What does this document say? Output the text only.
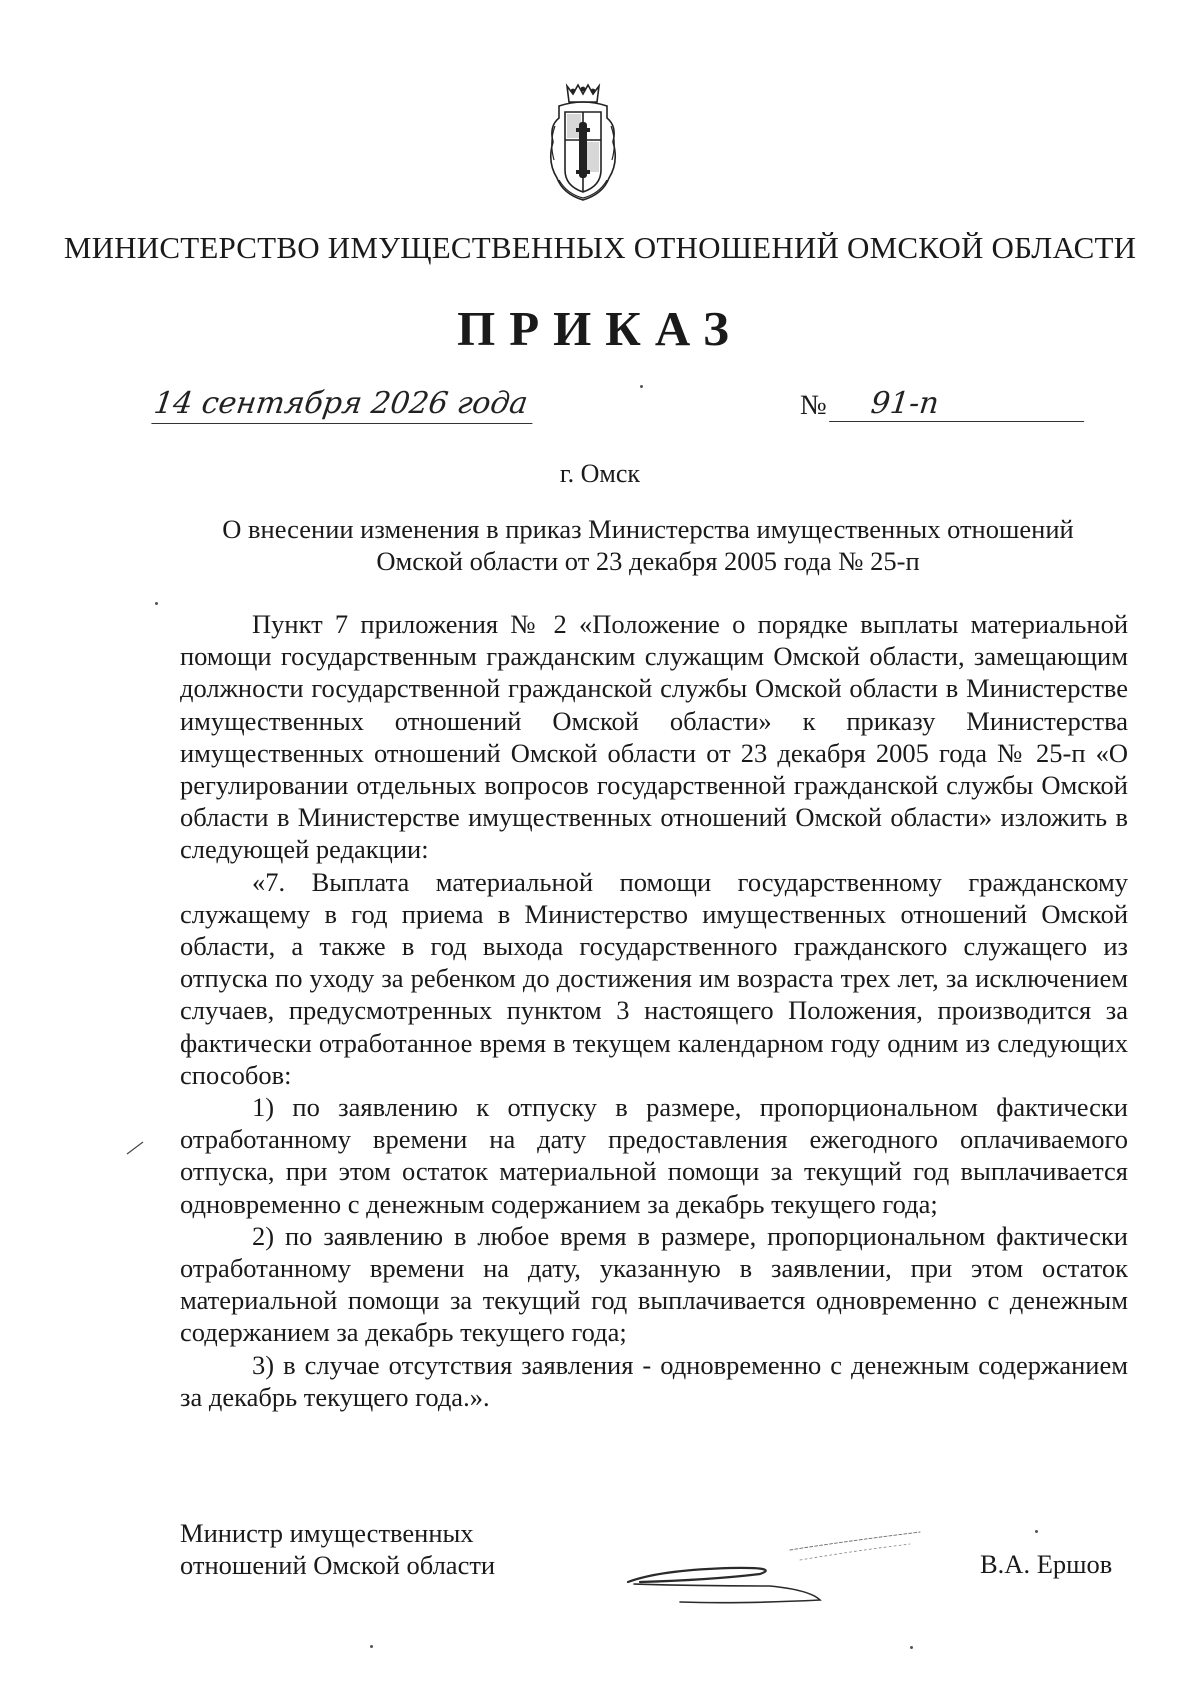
МИНИСТЕРСТВО ИМУЩЕСТВЕННЫХ ОТНОШЕНИЙ ОМСКОЙ ОБЛАСТИ
ПРИКАЗ
14 сентября 2026 года	№ 91-п
г. Омск
О внесении изменения в приказ Министерства имущественных отношений
Омской области от 23 декабря 2005 года № 25-п

Пункт 7 приложения № 2 «Положение о порядке выплаты материальной помощи государственным гражданским служащим Омской области, замещающим должности государственной гражданской службы Омской области в Министерстве имущественных отношений Омской области» к приказу Министерства имущественных отношений Омской области от 23 декабря 2005 года № 25-п «О регулировании отдельных вопросов государственной гражданской службы Омской области в Министерстве имущественных отношений Омской области» изложить в следующей редакции:

«7. Выплата материальной помощи государственному гражданскому служащему в год приема в Министерство имущественных отношений Омской области, а также в год выхода государственного гражданского служащего из отпуска по уходу за ребенком до достижения им возраста трех лет, за исключением случаев, предусмотренных пунктом 3 настоящего Положения, производится за фактически отработанное время в текущем календарном году одним из следующих способов:

1) по заявлению к отпуску в размере, пропорциональном фактически отработанному времени на дату предоставления ежегодного оплачиваемого отпуска, при этом остаток материальной помощи за текущий год выплачивается одновременно с денежным содержанием за декабрь текущего года;

2) по заявлению в любое время в размере, пропорциональном фактически отработанному времени на дату, указанную в заявлении, при этом остаток материальной помощи за текущий год выплачивается одновременно с денежным содержанием за декабрь текущего года;

3) в случае отсутствия заявления - одновременно с денежным содержанием за декабрь текущего года.».

Министр имущественных
отношений Омской области	В.А. Ершов
